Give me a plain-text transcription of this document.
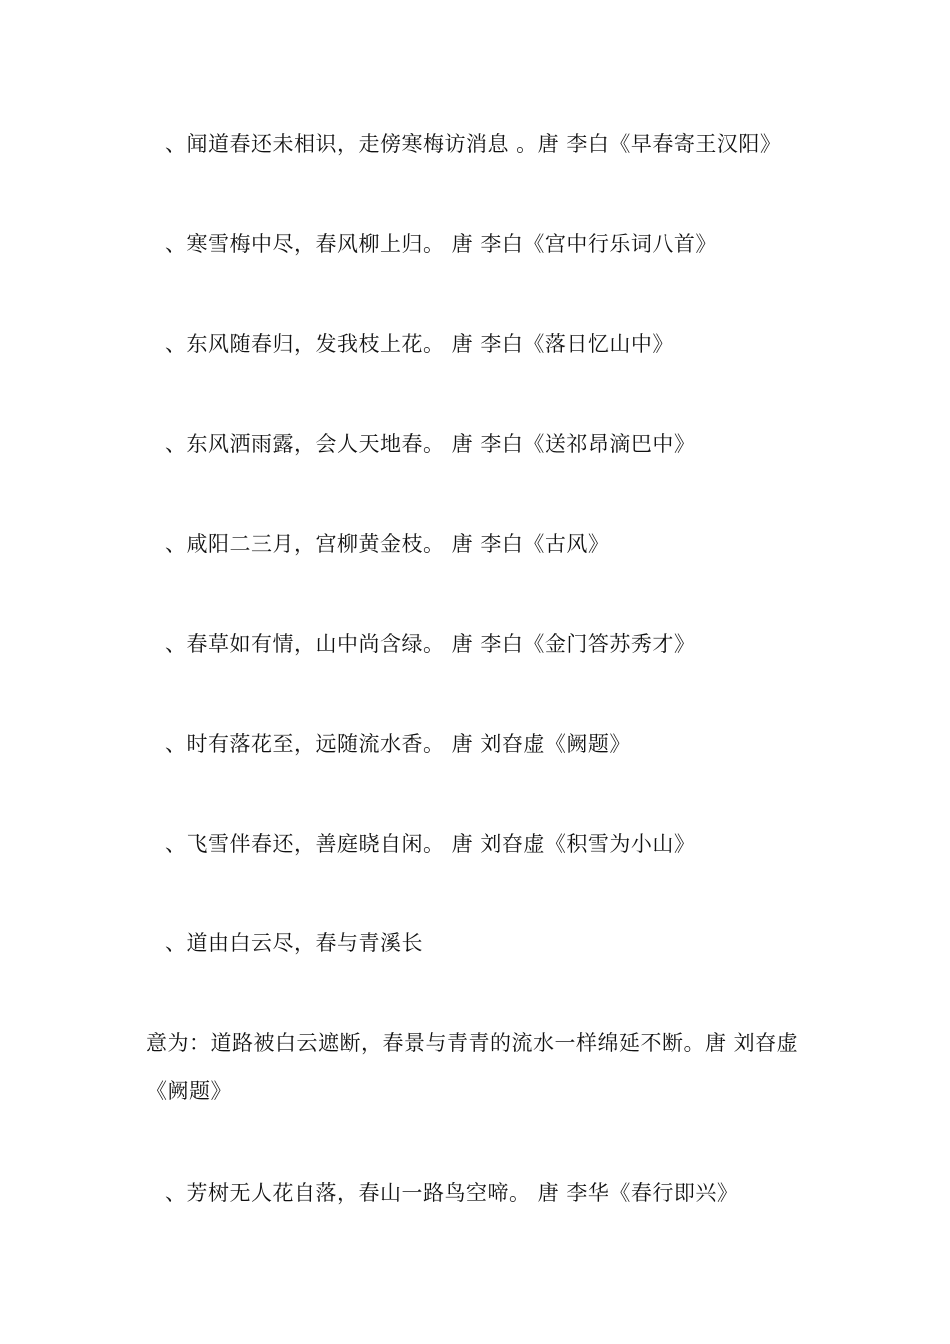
、闻道春还未相识，走傍寒梅访消息 。唐 李白《早春寄王汉阳》
、寒雪梅中尽，春风柳上归。 唐 李白《宫中行乐词八首》
、东风随春归，发我枝上花。 唐 李白《落日忆山中》
、东风洒雨露，会人天地春。 唐 李白《送祁昂滴巴中》
、咸阳二三月，宫柳黄金枝。 唐 李白《古风》
、春草如有情，山中尚含绿。 唐 李白《金门答苏秀才》
、时有落花至，远随流水香。 唐 刘昚虚《阙题》
、飞雪伴春还，善庭晓自闲。 唐 刘昚虚《积雪为小山》
、道由白云尽，春与青溪长
意为：道路被白云遮断，春景与青青的流水一样绵延不断。唐 刘昚虚
《阙题》
、芳树无人花自落，春山一路鸟空啼。 唐 李华《春行即兴》
